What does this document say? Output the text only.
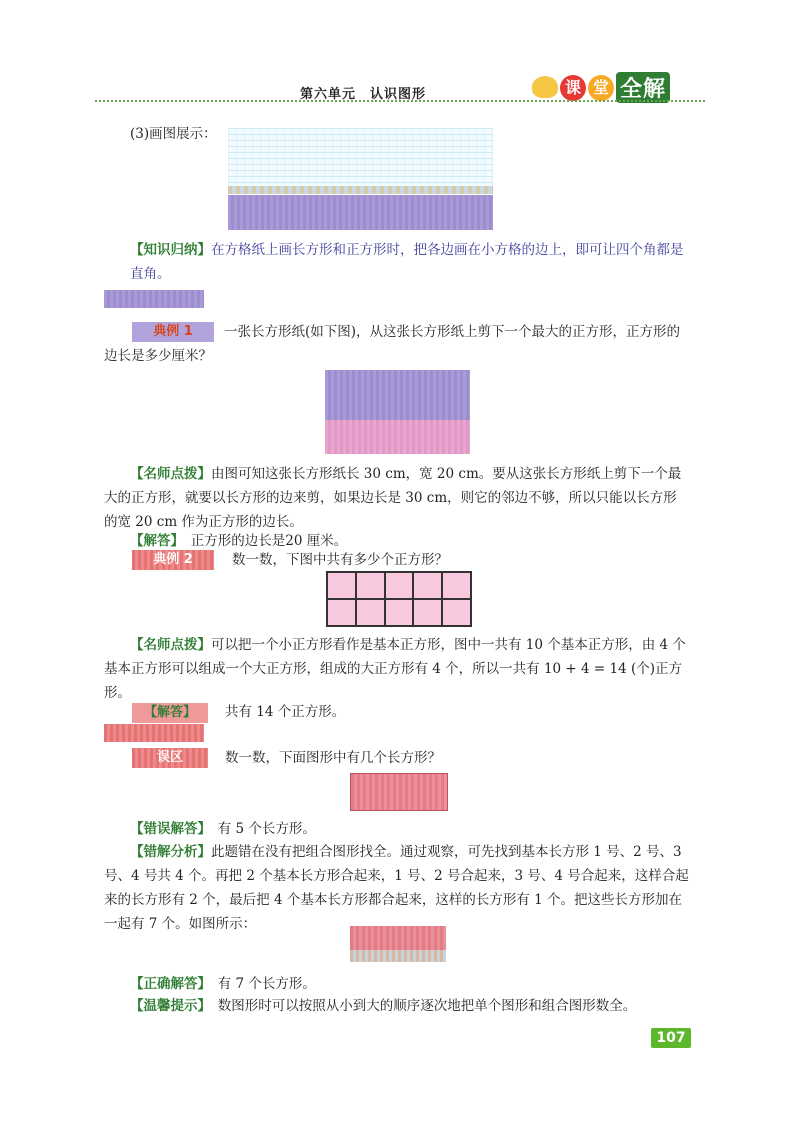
第六单元　认识图形	课 堂 全解
(3)画图展示：
【知识归纳】在方格纸上画长方形和正方形时，把各边画在小方格的边上，即可让四个角都是直角。
典例 1	一张长方形纸(如下图)，从这张长方形纸上剪下一个最大的正方形，正方形的边长是多少厘米？
【名师点拨】由图可知这张长方形纸长 30 cm，宽 20 cm。要从这张长方形纸上剪下一个最大的正方形，就要以长方形的边来剪，如果边长是 30 cm，则它的邻边不够，所以只能以长方形的宽 20 cm 作为正方形的边长。
【解答】　 正方形的边长是20 厘米。
典例 2	数一数，下图中共有多少个正方形？
【名师点拨】可以把一个小正方形看作是基本正方形，图中一共有 10 个基本正方形，由 4 个基本正方形可以组成一个大正方形，组成的大正方形有 4 个，所以一共有 10 + 4 = 14 (个)正方形。
【解答】	共有 14 个正方形。
误区	数一数，下面图形中有几个长方形？
【错误解答】　 有 5 个长方形。
【错解分析】此题错在没有把组合图形找全。通过观察，可先找到基本长方形 1 号、2 号、3 号、4 号共 4 个。再把 2 个基本长方形合起来，1 号、2 号合起来，3 号、4 号合起来，这样合起来的长方形有 2 个，最后把 4 个基本长方形都合起来，这样的长方形有 1 个。把这些长方形加在一起有 7 个。如图所示：
【正确解答】　 有 7 个长方形。
【温馨提示】　 数图形时可以按照从小到大的顺序逐次地把单个图形和组合图形数全。
107
